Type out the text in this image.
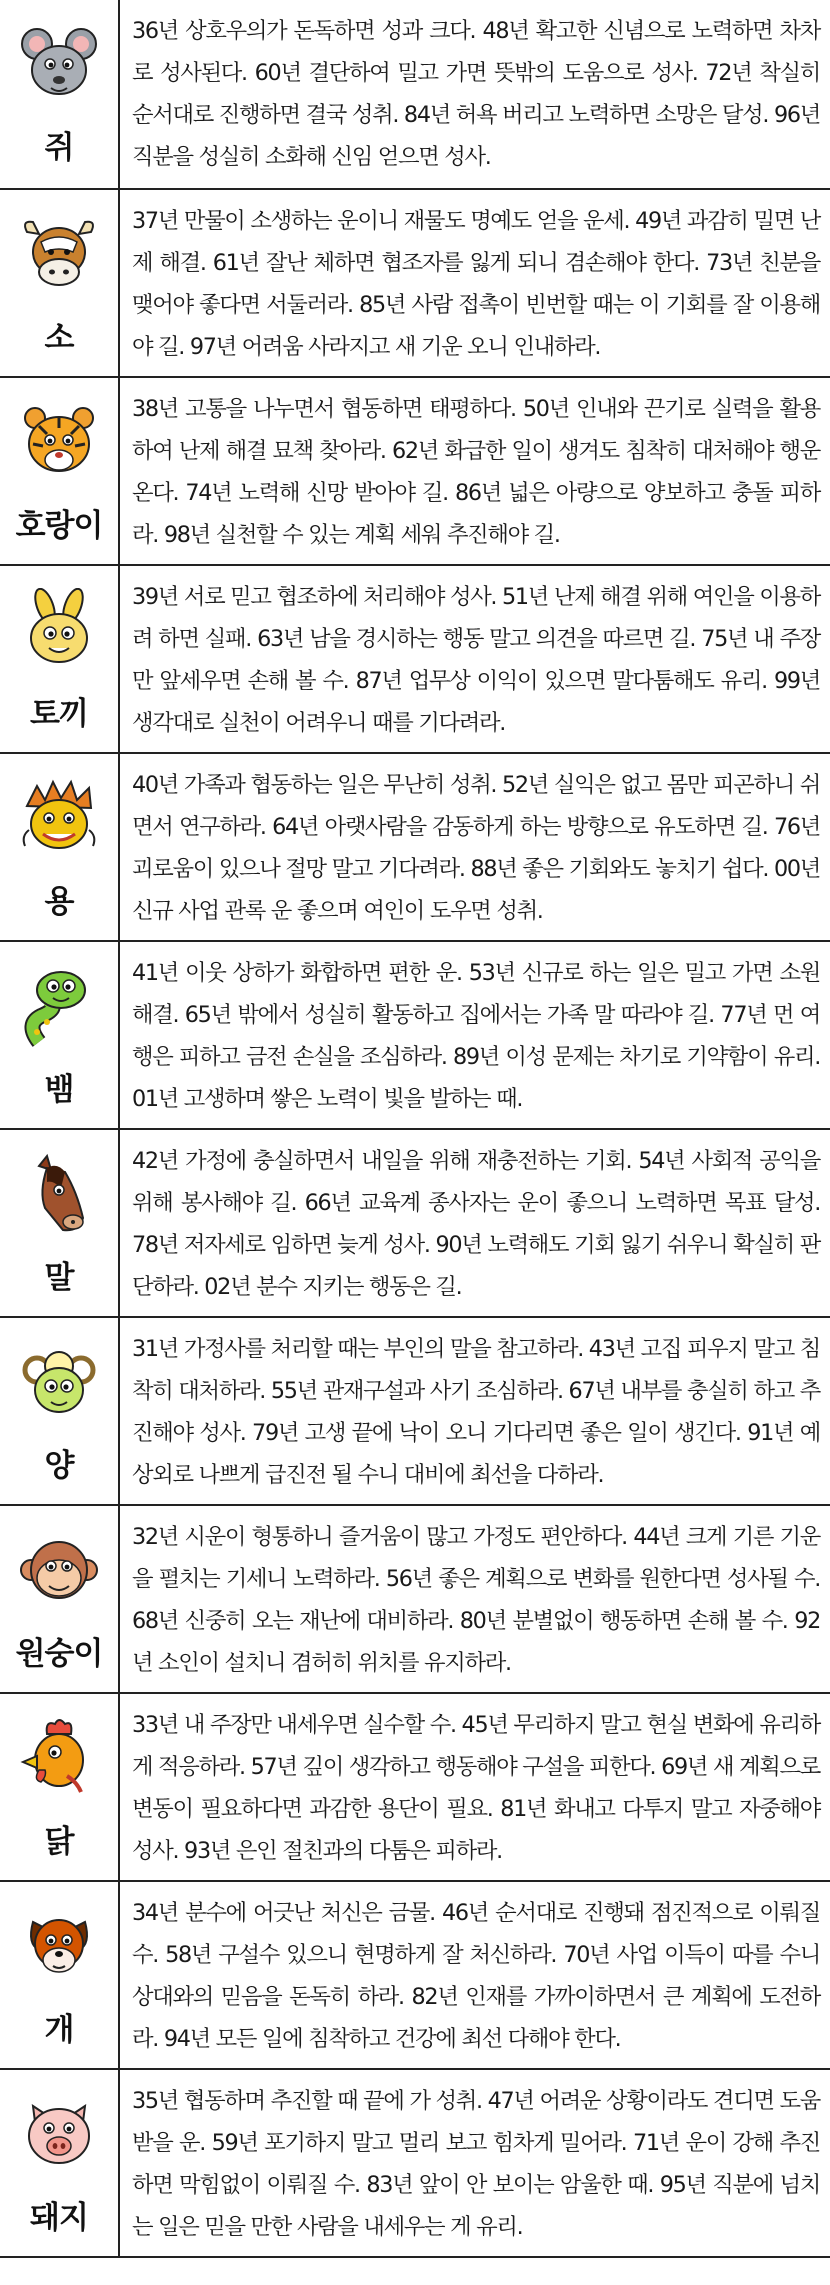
쥐

36년 상호우의가 돈독하면 성과 크다. 48년 확고한 신념으로 노력하면 차차로 성사된다. 60년 결단하여 밀고 가면 뜻밖의 도움으로 성사. 72년 착실히 순서대로 진행하면 결국 성취. 84년 허욕 버리고 노력하면 소망은 달성. 96년 직분을 성실히 소화해 신임 얻으면 성사.

소

37년 만물이 소생하는 운이니 재물도 명예도 얻을 운세. 49년 과감히 밀면 난제 해결. 61년 잘난 체하면 협조자를 잃게 되니 겸손해야 한다. 73년 친분을 맺어야 좋다면 서둘러라. 85년 사람 접촉이 빈번할 때는 이 기회를 잘 이용해야 길. 97년 어려움 사라지고 새 기운 오니 인내하라.

호랑이

38년 고통을 나누면서 협동하면 태평하다. 50년 인내와 끈기로 실력을 활용하여 난제 해결 묘책 찾아라. 62년 화급한 일이 생겨도 침착히 대처해야 행운 온다. 74년 노력해 신망 받아야 길. 86년 넓은 아량으로 양보하고 충돌 피하라. 98년 실천할 수 있는 계획 세워 추진해야 길.

토끼

39년 서로 믿고 협조하에 처리해야 성사. 51년 난제 해결 위해 여인을 이용하려 하면 실패. 63년 남을 경시하는 행동 말고 의견을 따르면 길. 75년 내 주장만 앞세우면 손해 볼 수. 87년 업무상 이익이 있으면 말다툼해도 유리. 99년 생각대로 실천이 어려우니 때를 기다려라.

용

40년 가족과 협동하는 일은 무난히 성취. 52년 실익은 없고 몸만 피곤하니 쉬면서 연구하라. 64년 아랫사람을 감동하게 하는 방향으로 유도하면 길. 76년 괴로움이 있으나 절망 말고 기다려라. 88년 좋은 기회와도 놓치기 쉽다. 00년 신규 사업 관록 운 좋으며 여인이 도우면 성취.

뱀

41년 이웃 상하가 화합하면 편한 운. 53년 신규로 하는 일은 밀고 가면 소원 해결. 65년 밖에서 성실히 활동하고 집에서는 가족 말 따라야 길. 77년 먼 여행은 피하고 금전 손실을 조심하라. 89년 이성 문제는 차기로 기약함이 유리. 01년 고생하며 쌓은 노력이 빛을 발하는 때.

말

42년 가정에 충실하면서 내일을 위해 재충전하는 기회. 54년 사회적 공익을 위해 봉사해야 길. 66년 교육계 종사자는 운이 좋으니 노력하면 목표 달성. 78년 저자세로 임하면 늦게 성사. 90년 노력해도 기회 잃기 쉬우니 확실히 판단하라. 02년 분수 지키는 행동은 길.

양

31년 가정사를 처리할 때는 부인의 말을 참고하라. 43년 고집 피우지 말고 침착히 대처하라. 55년 관재구설과 사기 조심하라. 67년 내부를 충실히 하고 추진해야 성사. 79년 고생 끝에 낙이 오니 기다리면 좋은 일이 생긴다. 91년 예상외로 나쁘게 급진전 될 수니 대비에 최선을 다하라.

원숭이

32년 시운이 형통하니 즐거움이 많고 가정도 편안하다. 44년 크게 기른 기운을 펼치는 기세니 노력하라. 56년 좋은 계획으로 변화를 원한다면 성사될 수. 68년 신중히 오는 재난에 대비하라. 80년 분별없이 행동하면 손해 볼 수. 92년 소인이 설치니 겸허히 위치를 유지하라.

닭

33년 내 주장만 내세우면 실수할 수. 45년 무리하지 말고 현실 변화에 유리하게 적응하라. 57년 깊이 생각하고 행동해야 구설을 피한다. 69년 새 계획으로 변동이 필요하다면 과감한 용단이 필요. 81년 화내고 다투지 말고 자중해야 성사. 93년 은인 절친과의 다툼은 피하라.

개

34년 분수에 어긋난 처신은 금물. 46년 순서대로 진행돼 점진적으로 이뤄질 수. 58년 구설수 있으니 현명하게 잘 처신하라. 70년 사업 이득이 따를 수니 상대와의 믿음을 돈독히 하라. 82년 인재를 가까이하면서 큰 계획에 도전하라. 94년 모든 일에 침착하고 건강에 최선 다해야 한다.

돼지

35년 협동하며 추진할 때 끝에 가 성취. 47년 어려운 상황이라도 견디면 도움 받을 운. 59년 포기하지 말고 멀리 보고 힘차게 밀어라. 71년 운이 강해 추진하면 막힘없이 이뤄질 수. 83년 앞이 안 보이는 암울한 때. 95년 직분에 넘치는 일은 믿을 만한 사람을 내세우는 게 유리.
